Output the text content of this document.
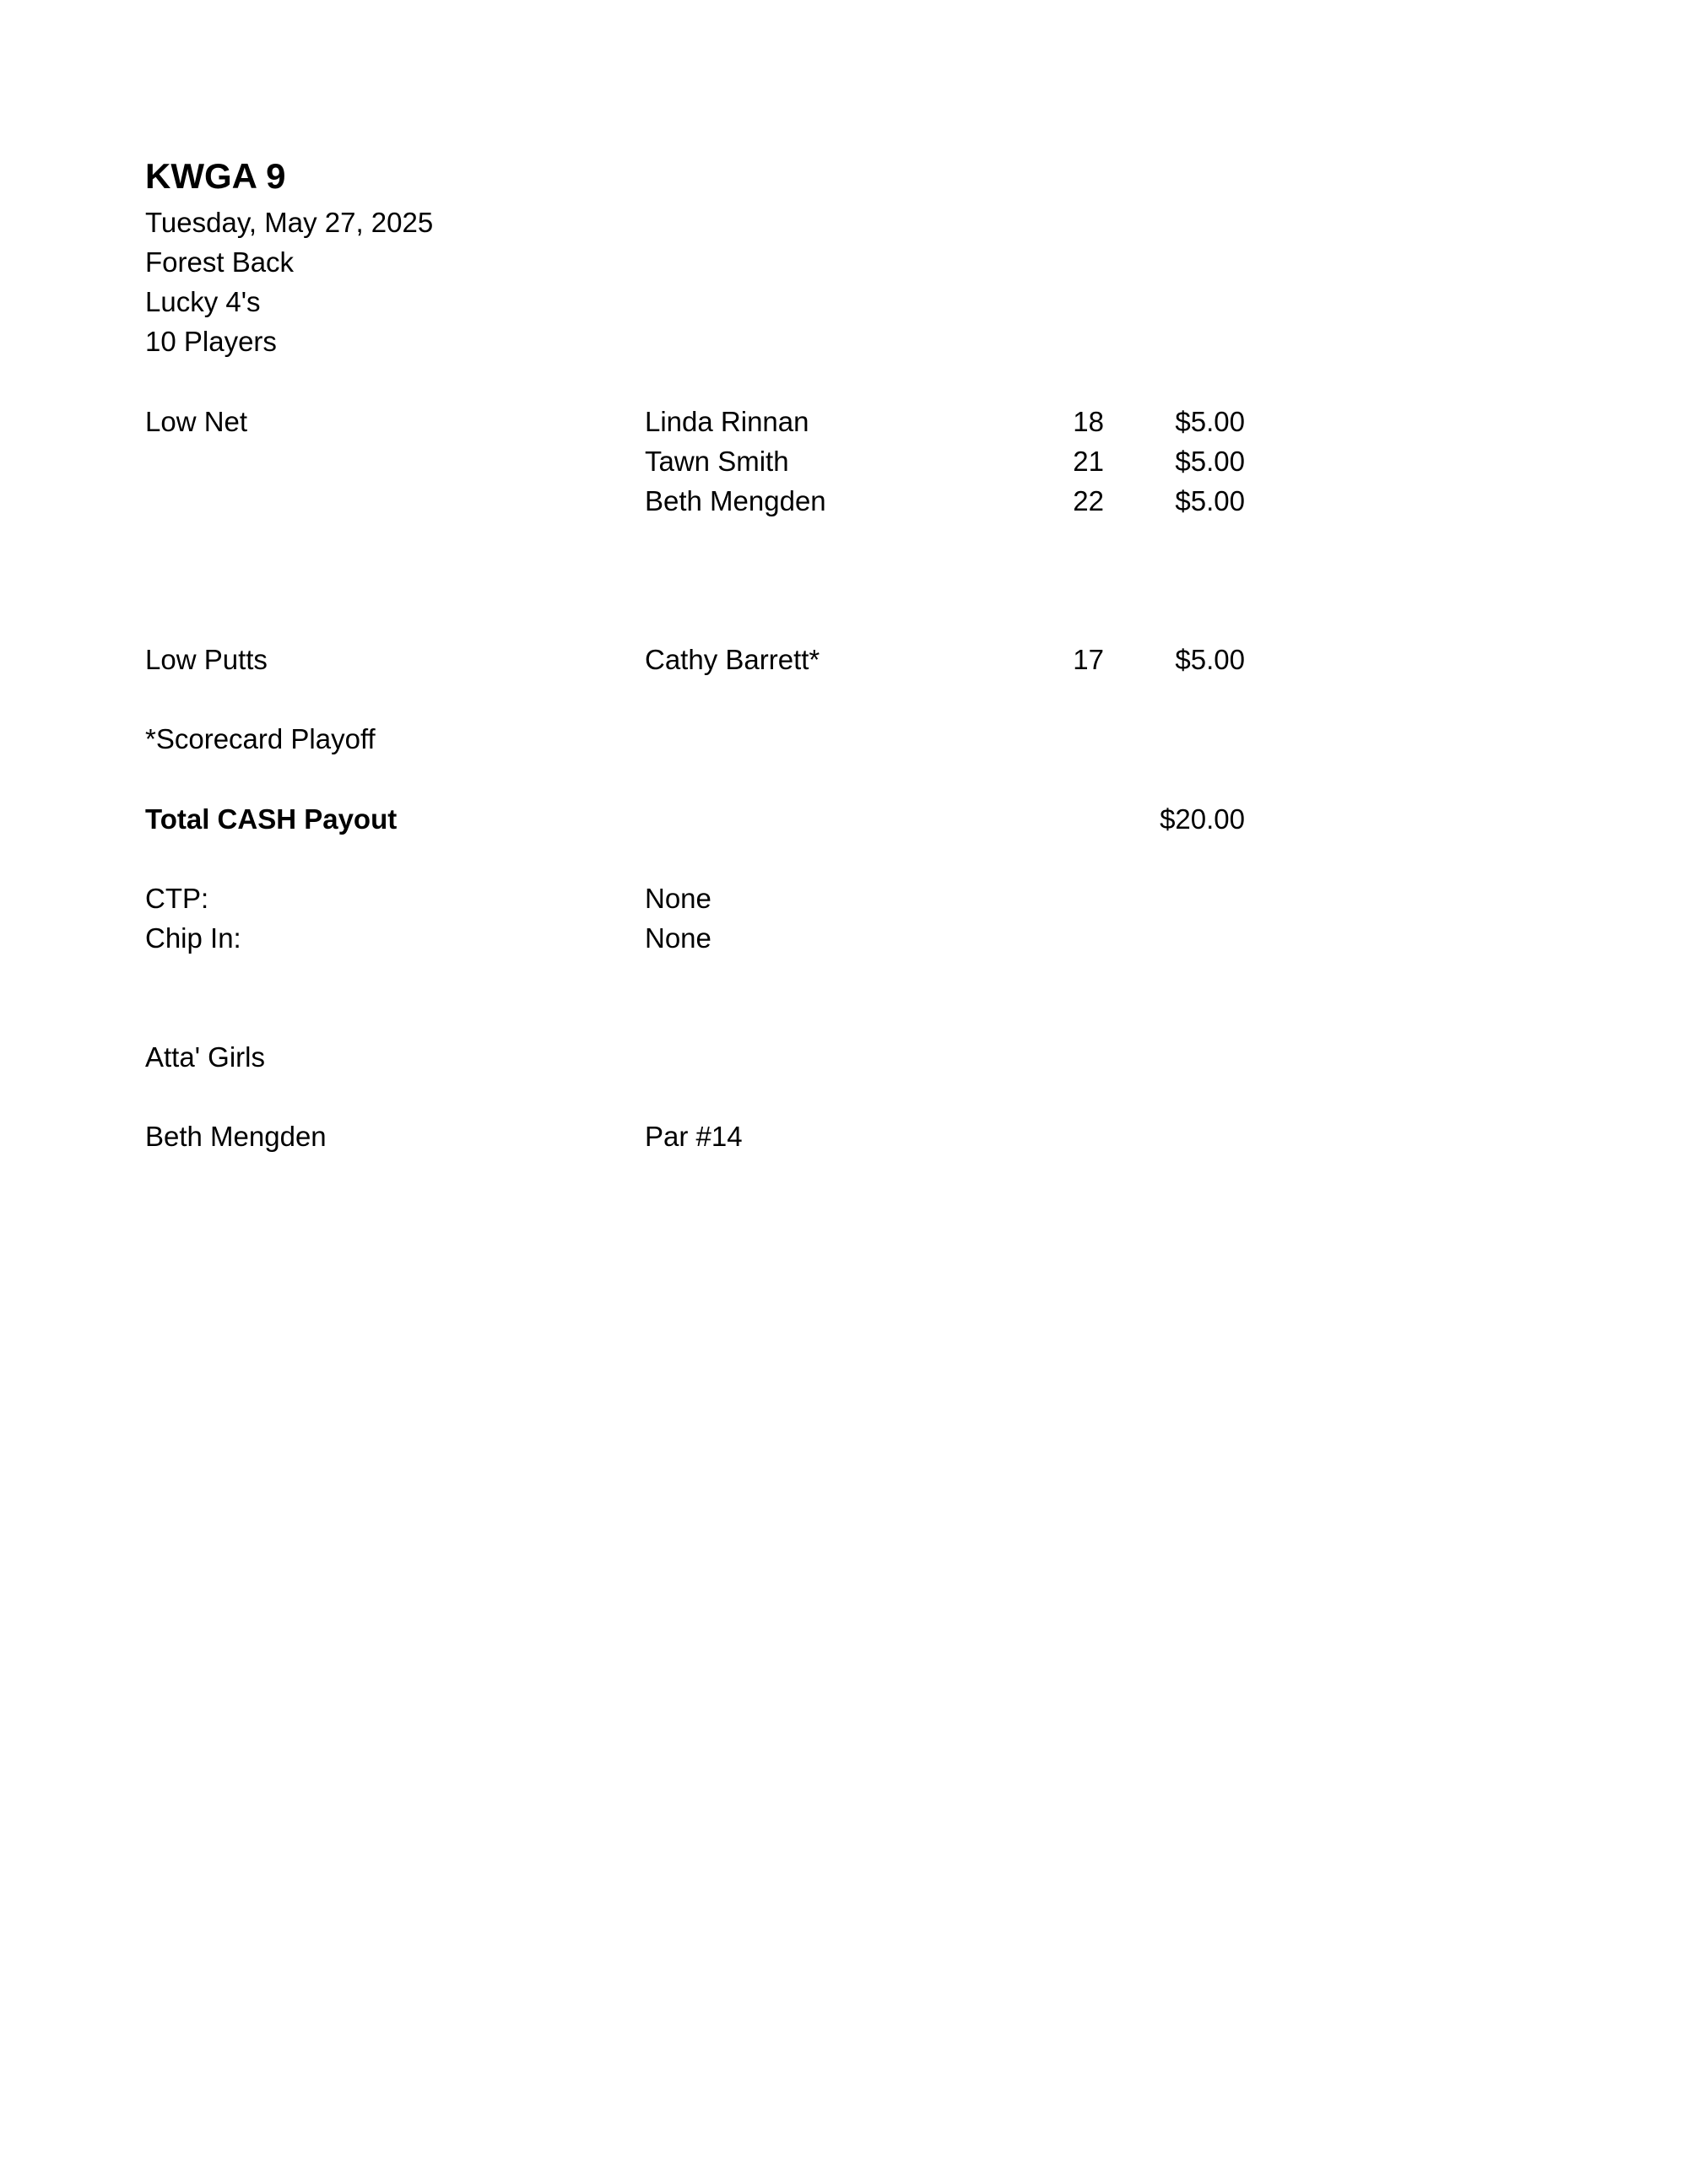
KWGA 9
Tuesday, May 27, 2025
Forest Back
Lucky 4's
10 Players
Low Net	Linda Rinnan	18	$5.00
Tawn Smith	21	$5.00
Beth Mengden	22	$5.00
Low Putts	Cathy Barrett*	17	$5.00
*Scorecard Playoff
Total CASH Payout	$20.00
CTP:	None
Chip In:	None
Atta' Girls
Beth Mengden	Par #14
